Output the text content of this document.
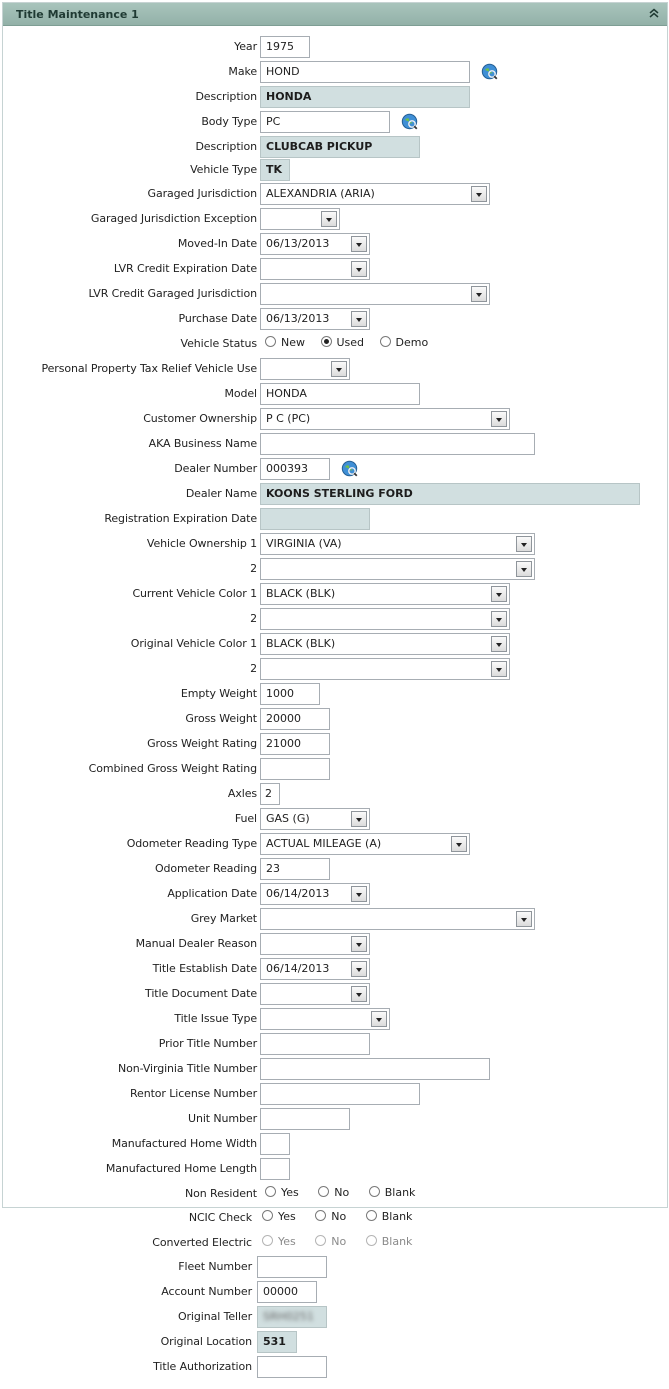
Title Maintenance 1
Year 1975
Make HOND
Description HONDA
Body Type PC
Description CLUBCAB PICKUP
Vehicle Type TK
Garaged Jurisdiction ALEXANDRIA (ARIA)
Garaged Jurisdiction Exception
Moved-In Date 06/13/2013
LVR Credit Expiration Date
LVR Credit Garaged Jurisdiction
Purchase Date 06/13/2013
Vehicle Status	New	Used	Demo
Personal Property Tax Relief Vehicle Use
Model HONDA
Customer Ownership P C (PC)
AKA Business Name
Dealer Number 000393
Dealer Name KOONS STERLING FORD
Registration Expiration Date
Vehicle Ownership 1 VIRGINIA (VA)
2
Current Vehicle Color 1 BLACK (BLK)
2
Original Vehicle Color 1 BLACK (BLK)
2
Empty Weight 1000
Gross Weight 20000
Gross Weight Rating 21000
Combined Gross Weight Rating
Axles 2
Fuel GAS (G)
Odometer Reading Type ACTUAL MILEAGE (A)
Odometer Reading 23
Application Date 06/14/2013
Grey Market
Manual Dealer Reason
Title Establish Date 06/14/2013
Title Document Date
Title Issue Type
Prior Title Number
Non-Virginia Title Number
Rentor License Number
Unit Number
Manufactured Home Width
Manufactured Home Length
Non Resident	Yes	No	Blank
NCIC Check	Yes	No	Blank
Converted Electric	Yes	No	Blank
Fleet Number
Account Number	00000
Original Teller	SRH0251
Original Location	531
Title Authorization
